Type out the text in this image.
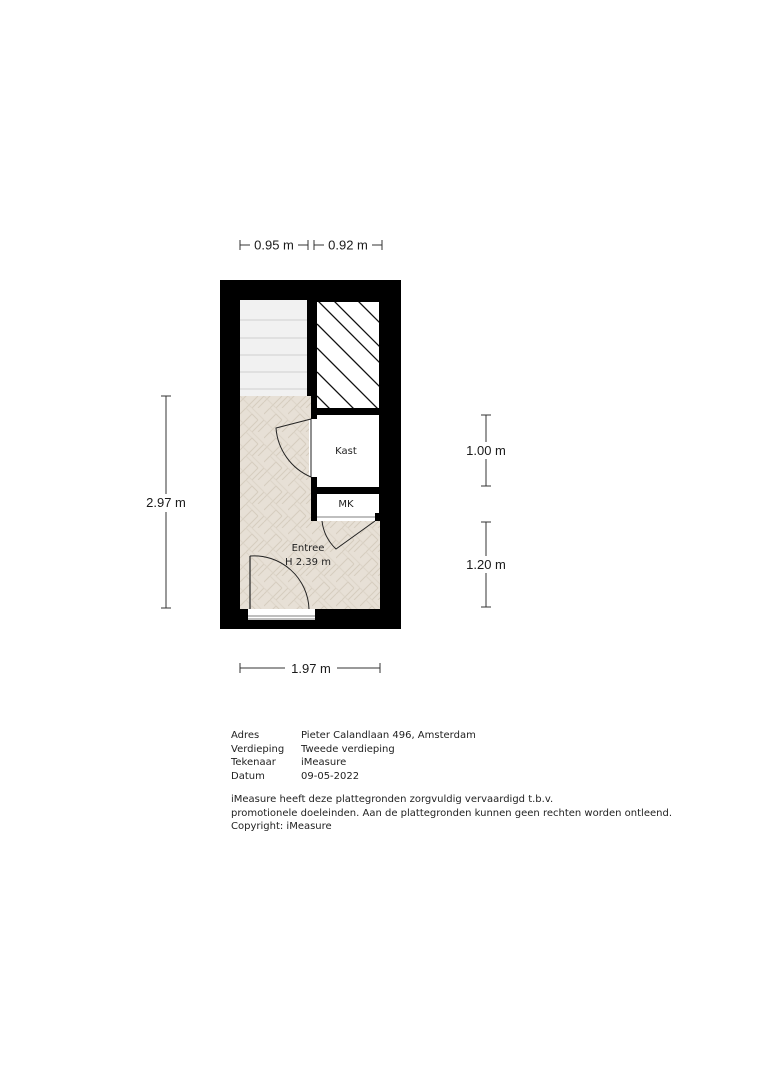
0.95 m	0.92 m
2.97 m
1.00 m
1.20 m
1.97 m
Kast
MK
Entree
H 2.39 m
Adres	Pieter Calandlaan 496, Amsterdam
Verdieping	Tweede verdieping
Tekenaar	iMeasure
Datum	09-05-2022
iMeasure heeft deze plattegronden zorgvuldig vervaardigd t.b.v.
promotionele doeleinden. Aan de plattegronden kunnen geen rechten worden ontleend.
Copyright: iMeasure
